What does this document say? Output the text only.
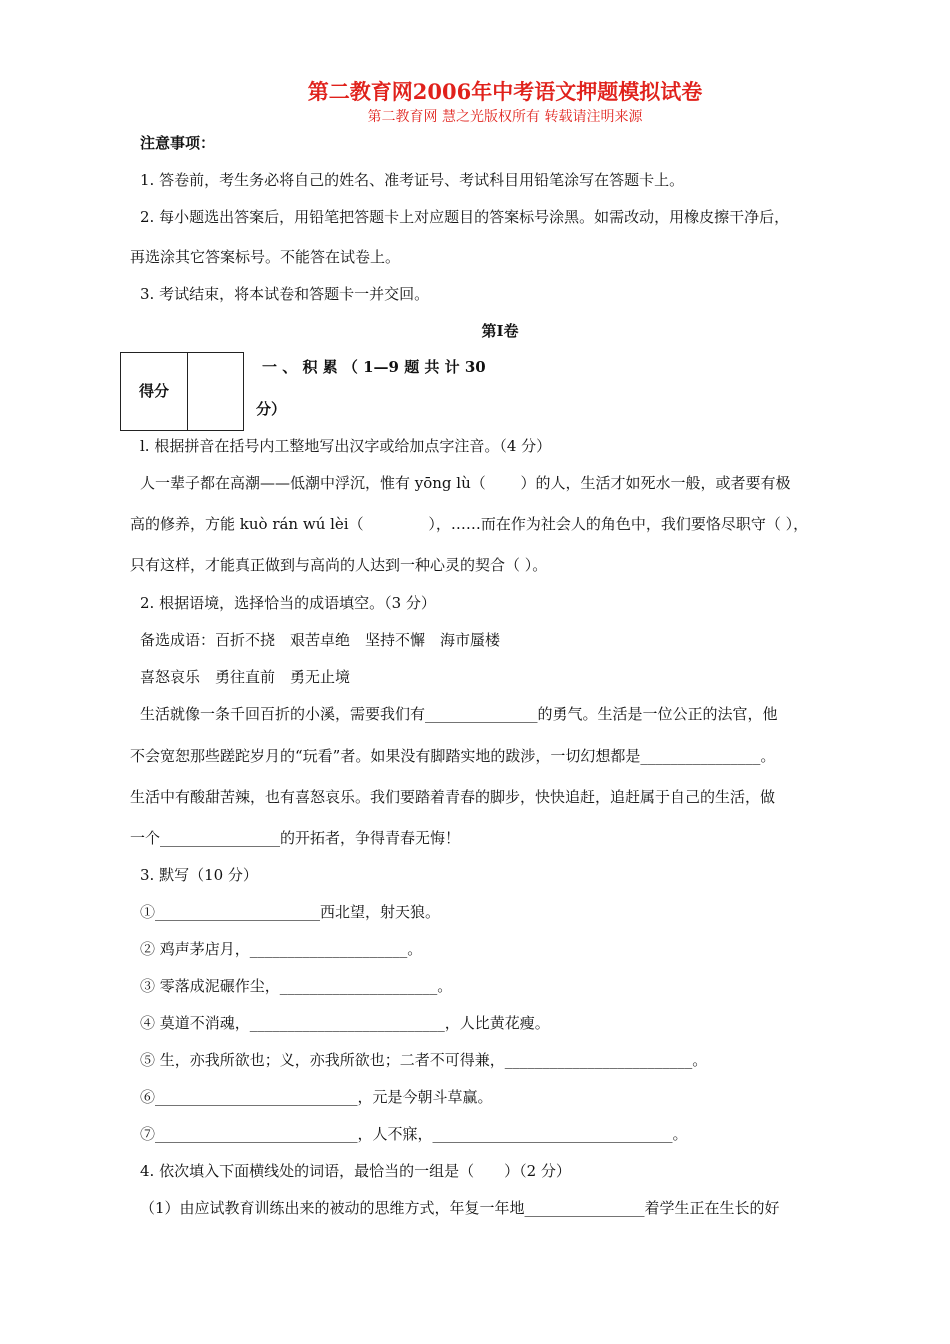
第二教育网2006年中考语文押题模拟试卷
第二教育网 慧之光版权所有 转载请注明来源
注意事项：
1. 答卷前，考生务必将自己的姓名、准考证号、考试科目用铅笔涂写在答题卡上。
2. 每小题选出答案后，用铅笔把答题卡上对应题目的答案标号涂黑。如需改动，用橡皮擦干净后，
再选涂其它答案标号。不能答在试卷上。
3. 考试结束，将本试卷和答题卡一并交回。
第Ⅰ卷
得分
一 、 积 累 （ 1—9 题 共 计 30
分）
l. 根据拼音在括号内工整地写出汉字或给加点字注音。（4 分）
人一辈子都在高潮——低潮中浮沉，惟有 yōng lù（　　 ）的人，生活才如死水一般，或者要有极
高的修养，方能 kuò rán wú lèi（　　　　 ），……而在作为社会人的角色中，我们要恪尽职守（ ），
只有这样，才能真正做到与高尚的人达到一种心灵的契合（ ）。
2. 根据语境，选择恰当的成语填空。（3 分）
备选成语：百折不挠　艰苦卓绝　坚持不懈　海市蜃楼
喜怒哀乐　勇往直前　勇无止境
生活就像一条千回百折的小溪，需要我们有_______________的勇气。生活是一位公正的法官，他
不会宽恕那些蹉跎岁月的“玩看”者。如果没有脚踏实地的跋涉，一切幻想都是________________。
生活中有酸甜苦辣，也有喜怒哀乐。我们要踏着青春的脚步，快快追赶，追赶属于自己的生活，做
一个________________的开拓者，争得青春无悔！
3. 默写（10 分）
①______________________西北望，射天狼。
② 鸡声茅店月，_____________________。
③ 零落成泥碾作尘，_____________________。
④ 莫道不消魂，__________________________，人比黄花瘦。
⑤ 生，亦我所欲也；义，亦我所欲也；二者不可得兼，_________________________。
⑥___________________________，元是今朝斗草赢。
⑦___________________________，人不寐，________________________________。
4. 依次填入下面横线处的词语，最恰当的一组是（　　）（2 分）
（1）由应试教育训练出来的被动的思维方式，年复一年地________________着学生正在生长的好
